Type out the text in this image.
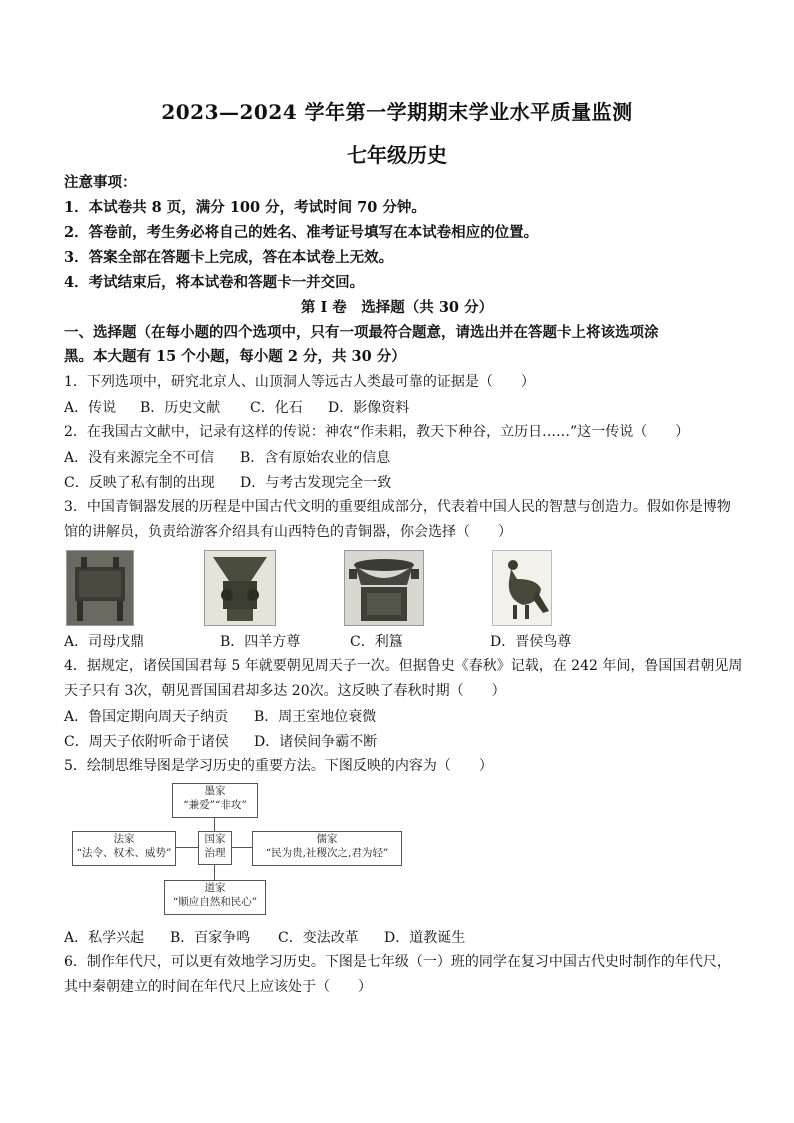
2023—2024 学年第一学期期末学业水平质量监测
七年级历史
注意事项：
1．本试卷共 8 页，满分 100 分，考试时间 70 分钟。
2．答卷前，考生务必将自己的姓名、准考证号填写在本试卷相应的位置。
3．答案全部在答题卡上完成，答在本试卷上无效。
4．考试结束后，将本试卷和答题卡一并交回。
第 I 卷　选择题（共 30 分）
一、选择题（在每小题的四个选项中，只有一项最符合题意，请选出并在答题卡上将该选项涂
黑。本大题有 15 个小题，每小题 2 分，共 30 分）
1．下列选项中，研究北京人、山顶洞人等远古人类最可靠的证据是（　　）
A．传说 B．历史文献 C．化石 D．影像资料
2．在我国古文献中，记录有这样的传说：神农“作耒耜，教天下种谷，立历日……”这一传说（　　）
A．没有来源完全不可信 B．含有原始农业的信息
C．反映了私有制的出现 D．与考古发现完全一致
3．中国青铜器发展的历程是中国古代文明的重要组成部分，代表着中国人民的智慧与创造力。假如你是博物
馆的讲解员，负责给游客介绍具有山西特色的青铜器，你会选择（　　）
A．司母戊鼎	B．四羊方尊	C．利簋	D．晋侯鸟尊
4．据规定，诸侯国国君每 5 年就要朝见周天子一次。但据鲁史《春秋》记载，在 242 年间，鲁国国君朝见周
天子只有 3次，朝见晋国国君却多达 20次。这反映了春秋时期（　　）
A．鲁国定期向周天子纳贡 B．周王室地位衰微
C．周天子依附听命于诸侯 D．诸侯间争霸不断
5．绘制思维导图是学习历史的重要方法。下图反映的内容为（　　）
墨家
“兼爱”“非攻”
国家
治理
法家
“法令、权术、威势”
儒家
“民为贵,社稷次之,君为轻”
道家
“顺应自然和民心”
A．私学兴起 B．百家争鸣 C．变法改革 D．道教诞生
6．制作年代尺，可以更有效地学习历史。下图是七年级（一）班的同学在复习中国古代史时制作的年代尺，
其中秦朝建立的时间在年代尺上应该处于（　　）
